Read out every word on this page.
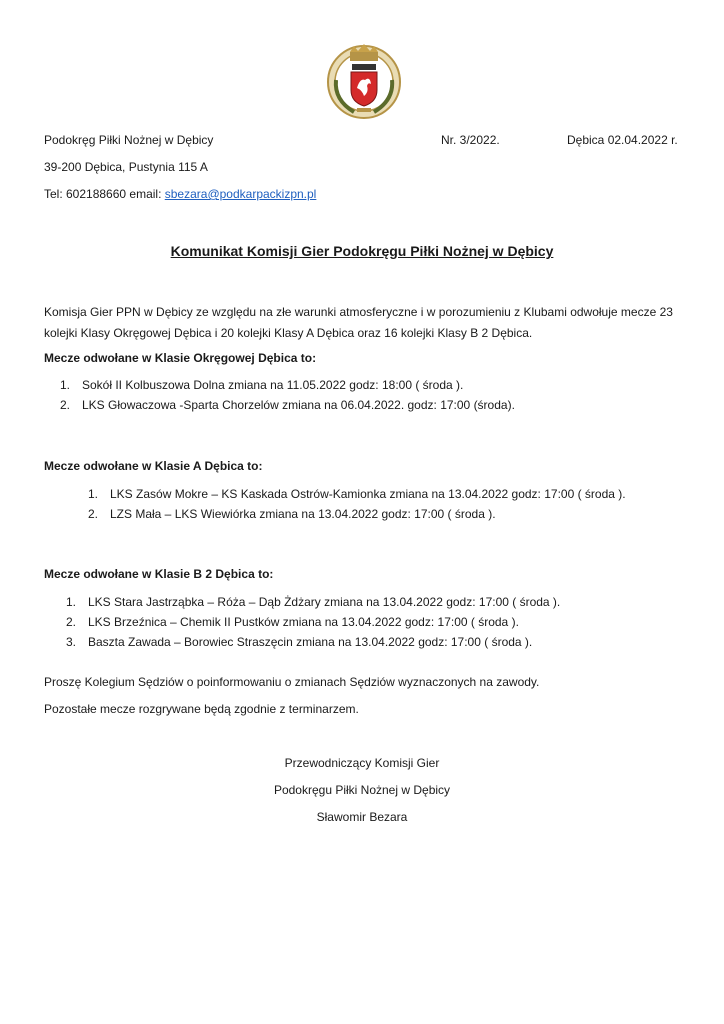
Podokręg Piłki Nożnej w Dębicy	Nr. 3/2022.	Dębica 02.04.2022 r.
39-200 Dębica, Pustynia 115 A
Tel: 602188660 email: sbezara@podkarpackizpn.pl
Komunikat Komisji Gier Podokręgu Piłki Nożnej w Dębicy
Komisja Gier PPN w Dębicy ze względu na złe warunki atmosferyczne i w porozumieniu z Klubami odwołuje mecze 23 kolejki Klasy Okręgowej Dębica i 20 kolejki Klasy A Dębica oraz 16 kolejki Klasy B 2 Dębica.
Mecze odwołane w Klasie Okręgowej Dębica to:
1. Sokół II Kolbuszowa Dolna zmiana na 11.05.2022 godz: 18:00 ( środa ).
2. LKS Głowaczowa -Sparta Chorzelów zmiana na 06.04.2022. godz: 17:00 (środa).
Mecze odwołane w Klasie A Dębica to:
1. LKS Zasów Mokre – KS Kaskada Ostrów-Kamionka zmiana na 13.04.2022 godz: 17:00 ( środa ).
2. LZS Mała – LKS Wiewiórka zmiana na 13.04.2022 godz: 17:00 ( środa ).
Mecze odwołane w Klasie B 2 Dębica to:
1. LKS Stara Jastrząbka – Róża – Dąb Żdżary zmiana na 13.04.2022 godz: 17:00 ( środa ).
2. LKS Brzeźnica – Chemik II Pustków zmiana na 13.04.2022 godz: 17:00 ( środa ).
3. Baszta Zawada – Borowiec Straszęcin zmiana na 13.04.2022 godz: 17:00 ( środa ).
Proszę Kolegium Sędziów o poinformowaniu o zmianach Sędziów wyznaczonych na zawody.
Pozostałe mecze rozgrywane będą zgodnie z terminarzem.
Przewodniczący Komisji Gier
Podokręgu Piłki Nożnej w Dębicy
Sławomir Bezara
